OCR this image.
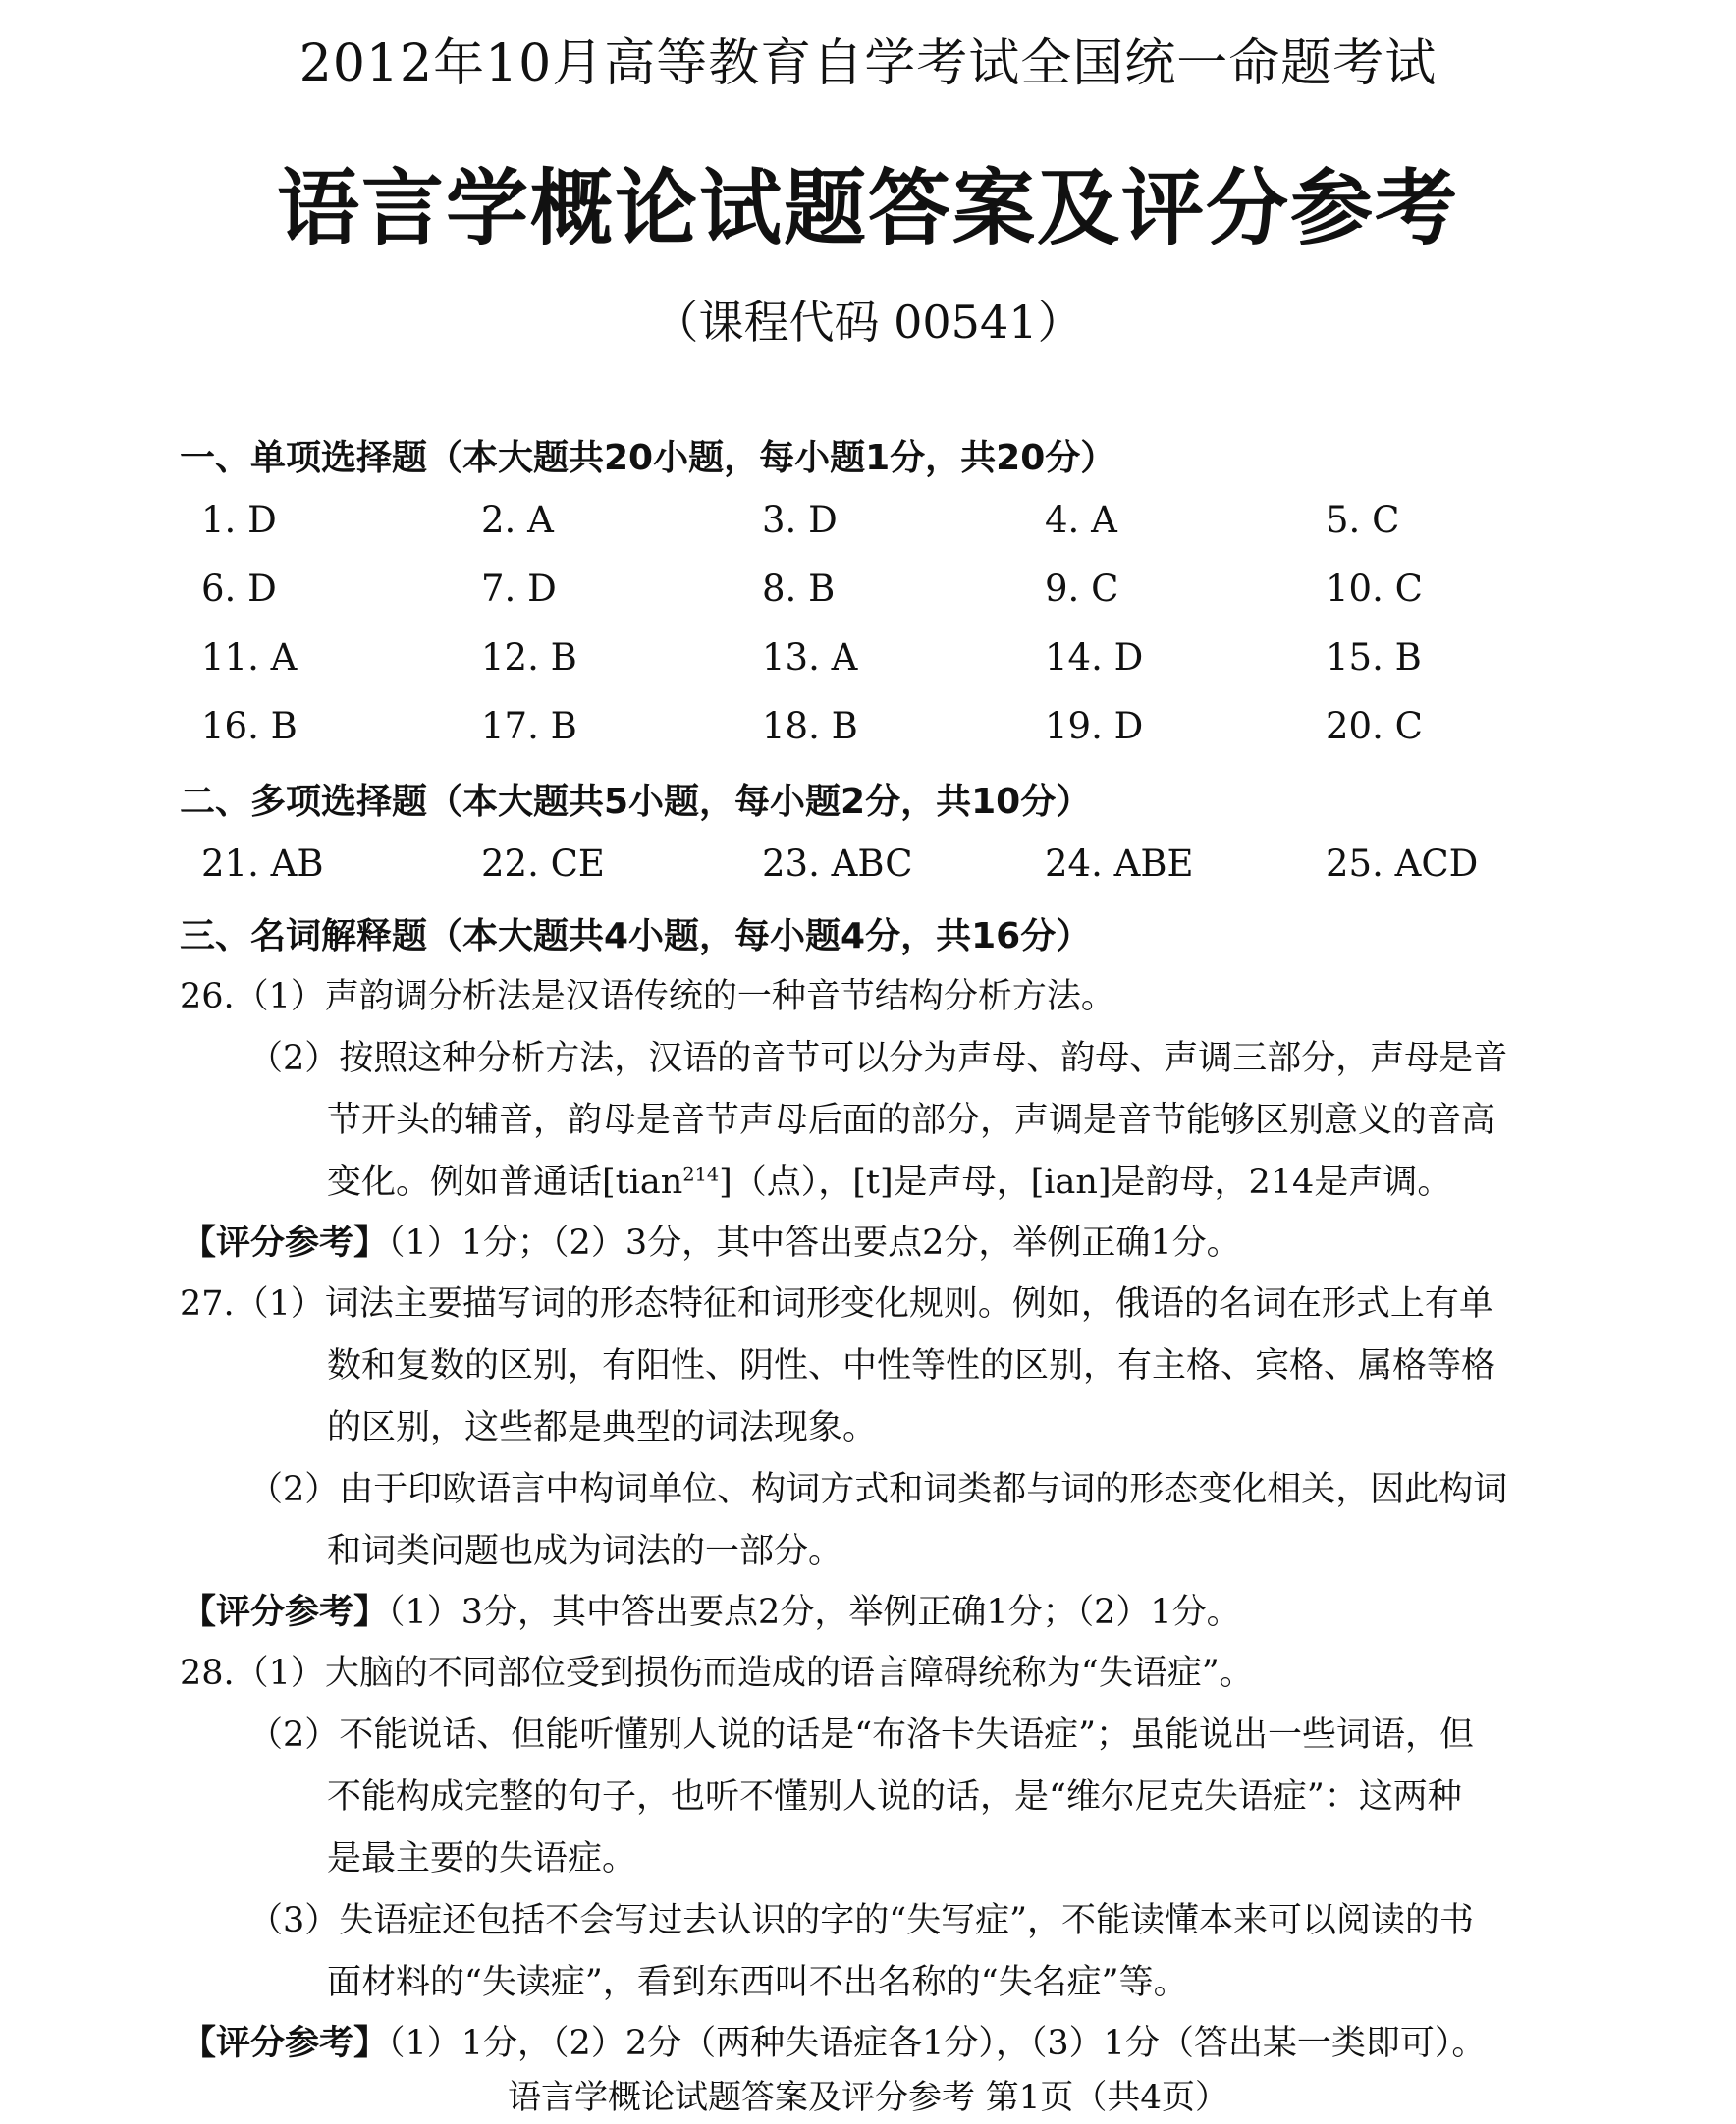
2012年10月高等教育自学考试全国统一命题考试
语言学概论试题答案及评分参考
（课程代码 00541）
一、单项选择题（本大题共20小题，每小题1分，共20分）
1. D	2. A	3. D	4. A	5. C
6. D	7. D	8. B	9. C	10. C
11. A	12. B	13. A	14. D	15. B
16. B	17. B	18. B	19. D	20. C
二、多项选择题（本大题共5小题，每小题2分，共10分）
21. AB	22. CE	23. ABC	24. ABE	25. ACD
三、名词解释题（本大题共4小题，每小题4分，共16分）
26.（1）声韵调分析法是汉语传统的一种音节结构分析方法。
（2）按照这种分析方法，汉语的音节可以分为声母、韵母、声调三部分，声母是音
节开头的辅音，韵母是音节声母后面的部分，声调是音节能够区别意义的音高
变化。例如普通话[tian$^{214}$]（点），[t]是声母，[ian]是韵母，214是声调。
【评分参考】（1）1分；（2）3分，其中答出要点2分，举例正确1分。
27.（1）词法主要描写词的形态特征和词形变化规则。例如，俄语的名词在形式上有单
数和复数的区别，有阳性、阴性、中性等性的区别，有主格、宾格、属格等格
的区别，这些都是典型的词法现象。
（2）由于印欧语言中构词单位、构词方式和词类都与词的形态变化相关，因此构词
和词类问题也成为词法的一部分。
【评分参考】（1）3分，其中答出要点2分，举例正确1分；（2）1分。
28.（1）大脑的不同部位受到损伤而造成的语言障碍统称为“失语症”。
（2）不能说话、但能听懂别人说的话是“布洛卡失语症”；虽能说出一些词语，但
不能构成完整的句子，也听不懂别人说的话，是“维尔尼克失语症”：这两种
是最主要的失语症。
（3）失语症还包括不会写过去认识的字的“失写症”，不能读懂本来可以阅读的书
面材料的“失读症”，看到东西叫不出名称的“失名症”等。
【评分参考】（1）1分，（2）2分（两种失语症各1分），（3）1分（答出某一类即可）。
语言学概论试题答案及评分参考 第1页（共4页）
